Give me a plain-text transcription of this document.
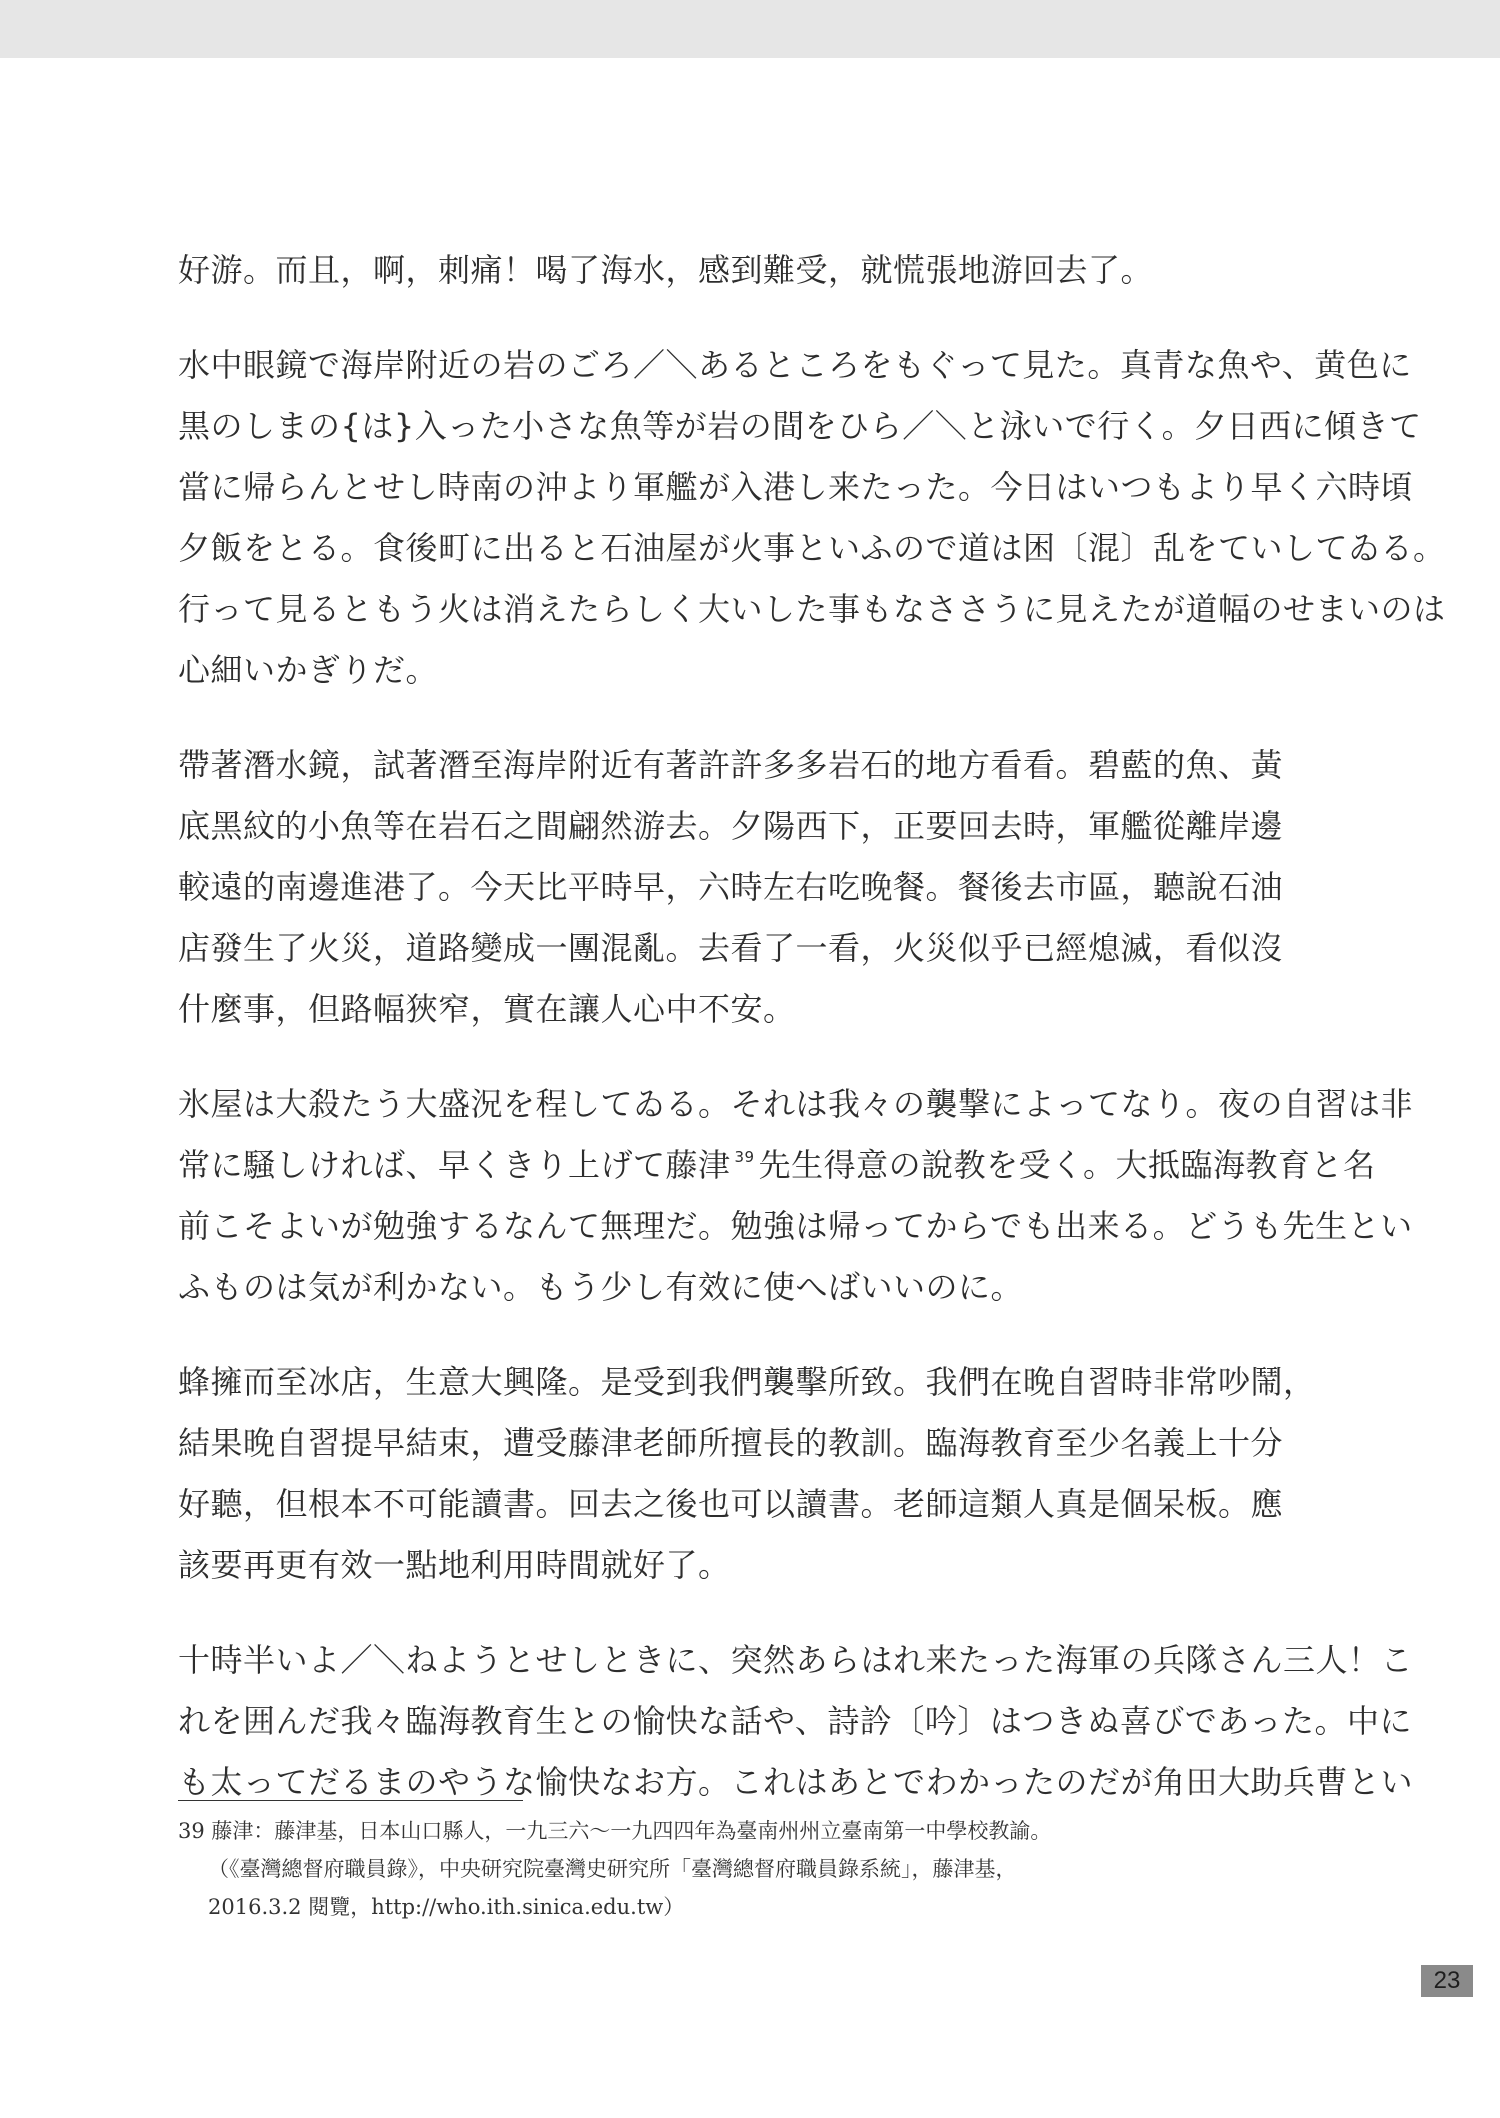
好游。而且，啊，刺痛！喝了海水，感到難受，就慌張地游回去了。

水中眼鏡で海岸附近の岩のごろ／＼あるところをもぐって見た。真青な魚や、黄色に
黒のしまの{は}入った小さな魚等が岩の間をひら／＼と泳いで行く。夕日西に傾きて
當に帰らんとせし時南の沖より軍艦が入港し来たった。今日はいつもより早く六時頃
夕飯をとる。食後町に出ると石油屋が火事といふので道は困〔混〕乱をていしてゐる。
行って見るともう火は消えたらしく大いした事もなささうに見えたが道幅のせまいのは
心細いかぎりだ。

帶著潛水鏡，試著潛至海岸附近有著許許多多岩石的地方看看。碧藍的魚、黃
底黑紋的小魚等在岩石之間翩然游去。夕陽西下，正要回去時，軍艦從離岸邊
較遠的南邊進港了。今天比平時早，六時左右吃晚餐。餐後去市區，聽說石油
店發生了火災，道路變成一團混亂。去看了一看，火災似乎已經熄滅，看似沒
什麼事，但路幅狹窄，實在讓人心中不安。

氷屋は大殺たう大盛況を程してゐる。それは我々の襲撃によってなり。夜の自習は非
常に騒しければ、早くきり上げて藤津 $^{39}$ 先生得意の說教を受く。大抵臨海教育と名
前こそよいが勉強するなんて無理だ。勉強は帰ってからでも出来る。どうも先生とい
ふものは気が利かない。もう少し有效に使へばいいのに。

蜂擁而至冰店，生意大興隆。是受到我們襲擊所致。我們在晚自習時非常吵鬧，
結果晚自習提早結束，遭受藤津老師所擅長的教訓。臨海教育至少名義上十分
好聽，但根本不可能讀書。回去之後也可以讀書。老師這類人真是個呆板。應
該要再更有效一點地利用時間就好了。

十時半いよ／＼ねようとせしときに、突然あらはれ来たった海軍の兵隊さん三人！こ
れを囲んだ我々臨海教育生との愉快な話や、詩訡〔吟〕はつきぬ喜びであった。中に
も太ってだるまのやうな愉快なお方。これはあとでわかったのだが角田大助兵曹とい

39 藤津：藤津基，日本山口縣人，一九三六～一九四四年為臺南州州立臺南第一中學校教諭。
（《臺灣總督府職員錄》，中央研究院臺灣史研究所「臺灣總督府職員錄系統」，藤津基，
2016.3.2 閱覽，http://who.ith.sinica.edu.tw）
23
